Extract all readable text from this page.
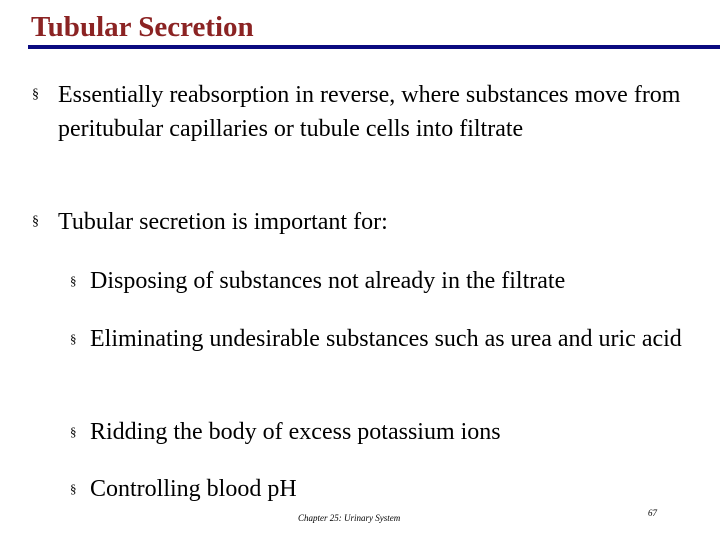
Tubular Secretion
§ Essentially reabsorption in reverse, where substances move from peritubular capillaries or tubule cells into filtrate
§ Tubular secretion is important for:
§ Disposing of substances not already in the filtrate
§ Eliminating undesirable substances such as urea and uric acid
§ Ridding the body of excess potassium ions
§ Controlling blood pH
Chapter 25: Urinary System	67
